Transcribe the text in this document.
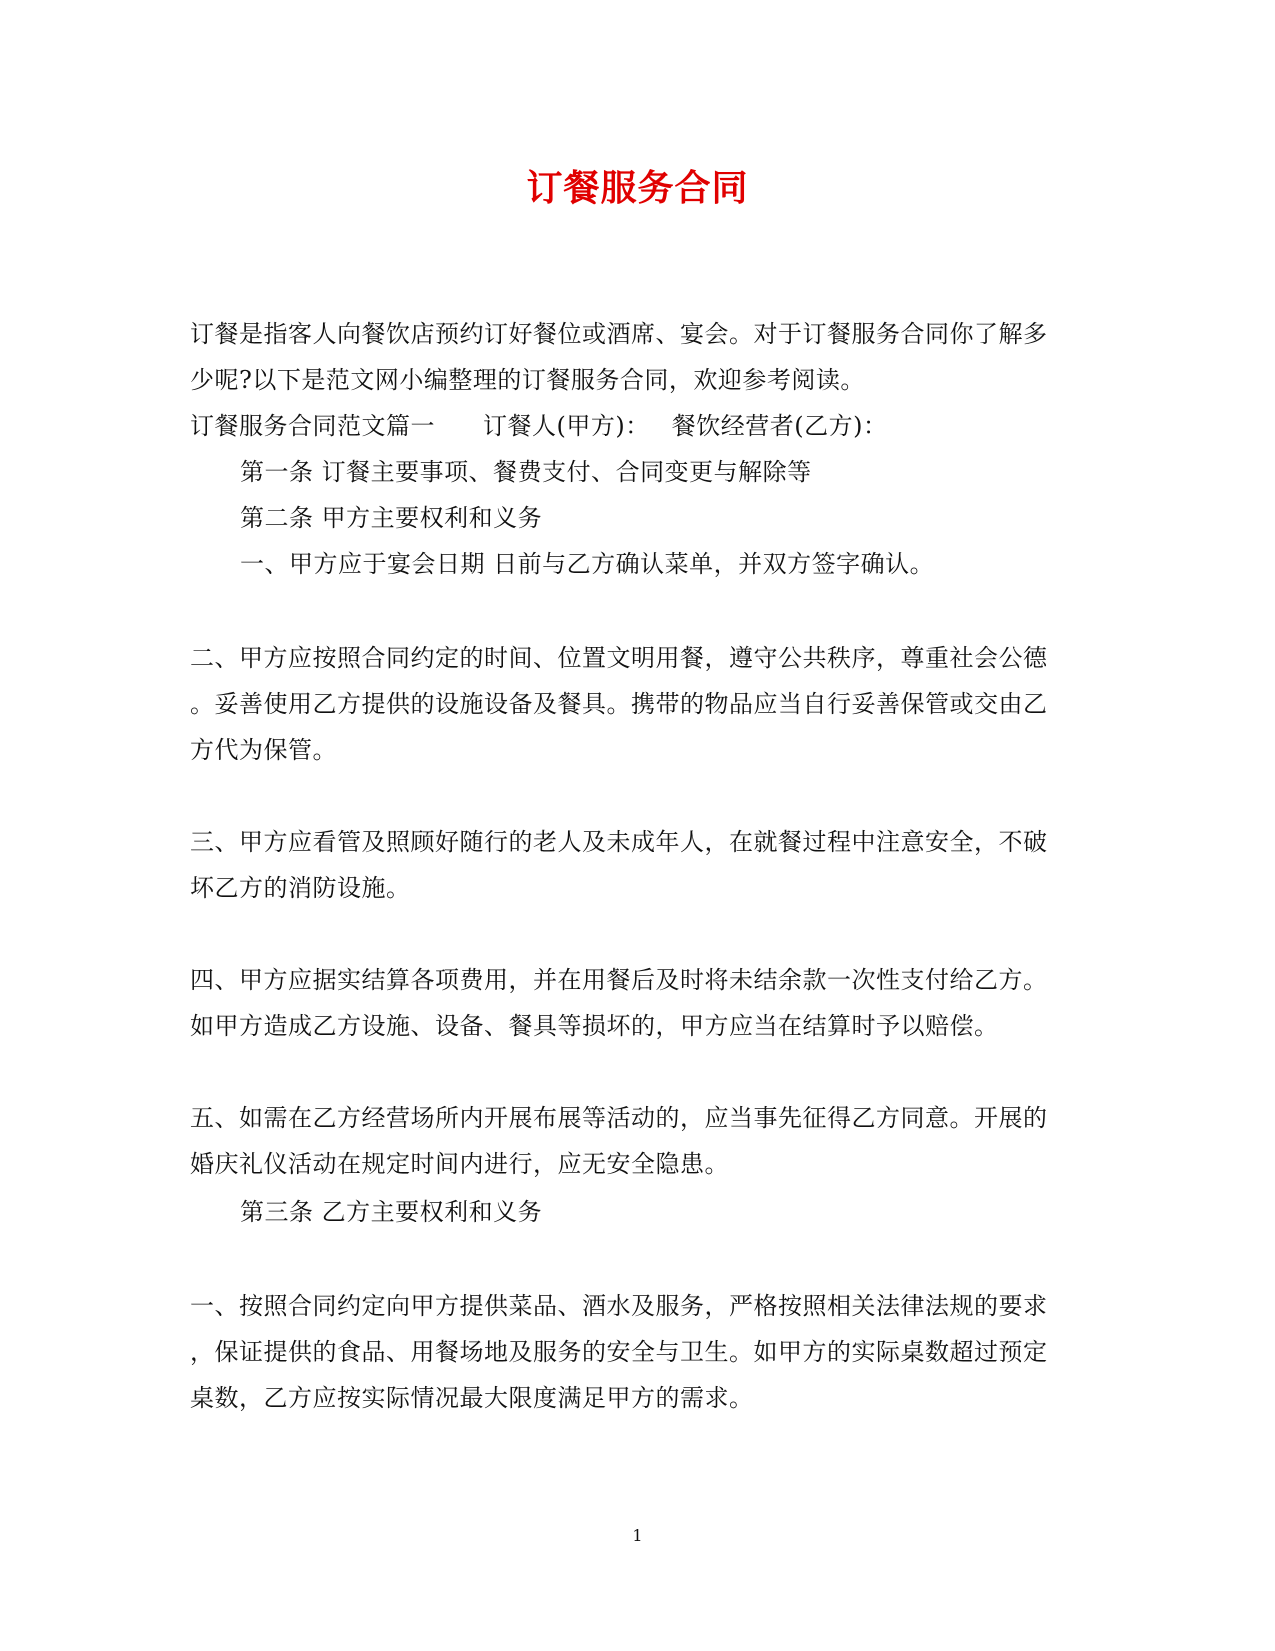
订餐服务合同
订餐是指客人向餐饮店预约订好餐位或酒席、宴会。对于订餐服务合同你了解多
少呢?以下是范文网小编整理的订餐服务合同，欢迎参考阅读。
订餐服务合同范文篇一 订餐人(甲方)： 餐饮经营者(乙方)：
第一条 订餐主要事项、餐费支付、合同变更与解除等
第二条 甲方主要权利和义务
一、甲方应于宴会日期 日前与乙方确认菜单，并双方签字确认。
二、甲方应按照合同约定的时间、位置文明用餐，遵守公共秩序，尊重社会公德
。妥善使用乙方提供的设施设备及餐具。携带的物品应当自行妥善保管或交由乙
方代为保管。
三、甲方应看管及照顾好随行的老人及未成年人，在就餐过程中注意安全，不破
坏乙方的消防设施。
四、甲方应据实结算各项费用，并在用餐后及时将未结余款一次性支付给乙方。
如甲方造成乙方设施、设备、餐具等损坏的，甲方应当在结算时予以赔偿。
五、如需在乙方经营场所内开展布展等活动的，应当事先征得乙方同意。开展的
婚庆礼仪活动在规定时间内进行，应无安全隐患。
第三条 乙方主要权利和义务
一、按照合同约定向甲方提供菜品、酒水及服务，严格按照相关法律法规的要求
，保证提供的食品、用餐场地及服务的安全与卫生。如甲方的实际桌数超过预定
桌数，乙方应按实际情况最大限度满足甲方的需求。
1
